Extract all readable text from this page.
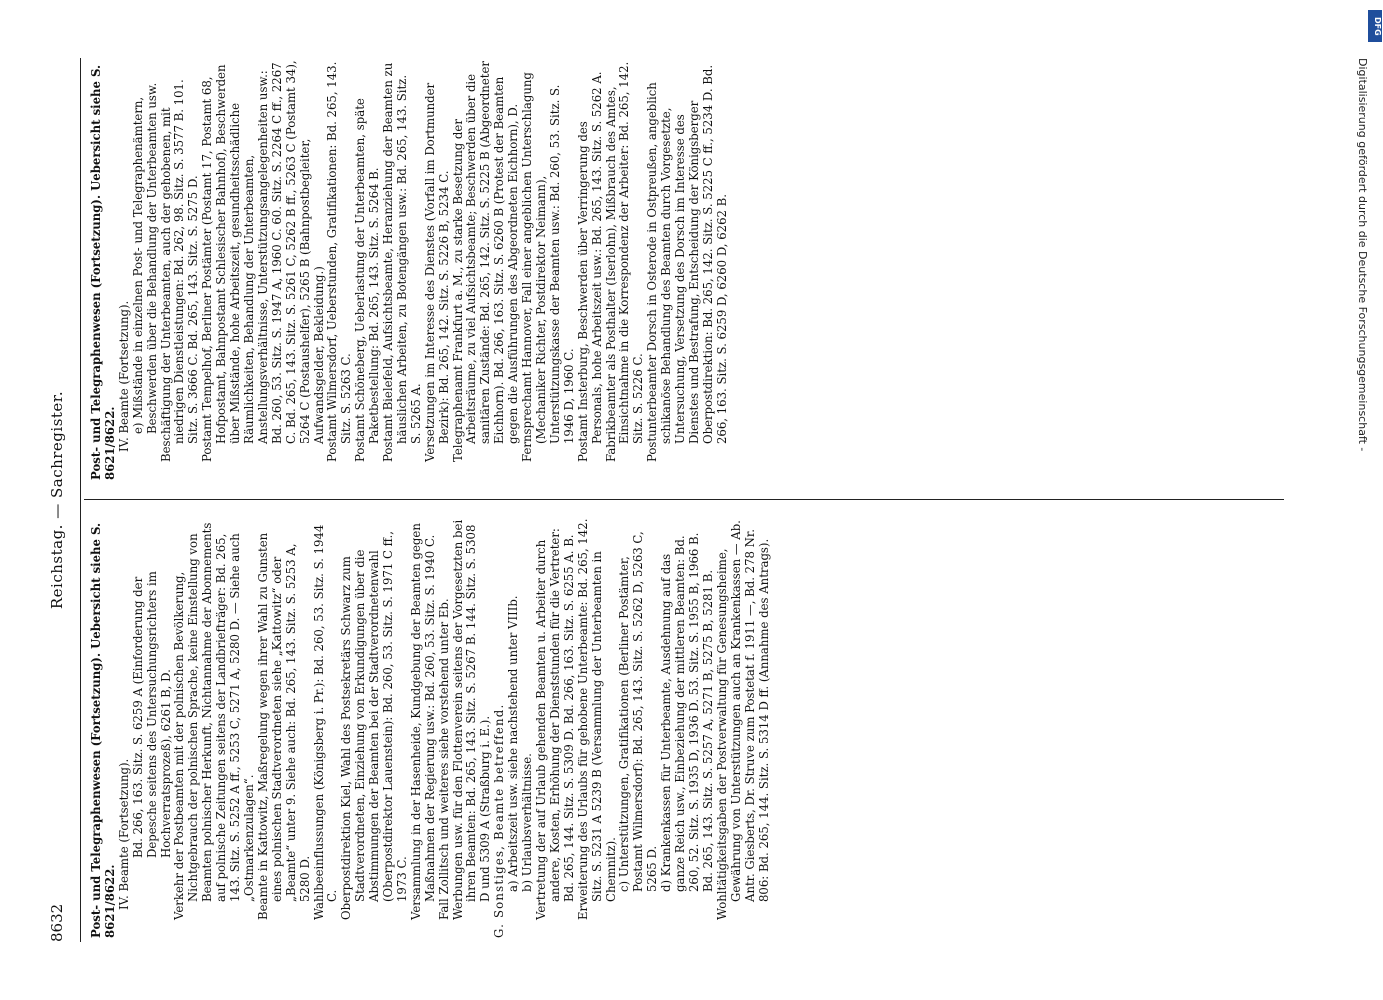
8632
Reichstag. — Sachregister.

Post- und Telegraphenwesen (Fortsetzung). Uebersicht siehe S. 8621/8622. IV. Beamte (Fortsetzung). Bd. 266, 163. Sitz. S. 6259 A (Einforderung der Depesche seitens des Untersuchungsrichters im Hochverratsprozeß), 6261 B, D. Verkehr der Postbeamten mit der polnischen Bevölkerung, Nichtgebrauch der polnischen Sprache, keine Einstellung von Beamten polnischer Herkunft, Nichtannahme der Abonnements auf polnische Zeitungen seitens der Landbriefträger: Bd. 265, 143. Sitz. S. 5252 A ff., 5253 C, 5271 A, 5280 D. — Siehe auch „Ostmarkenzulagen“. Beamte in Kattowitz, Maßregelung wegen ihrer Wahl zu Gunsten eines polnischen Stadtverordneten siehe „Kattowitz“ oder „Beamte“ unter 9. Siehe auch: Bd. 265, 143. Sitz. S. 5253 A, 5280 D. Wahlbeeinflussungen (Königsberg i. Pr.): Bd. 260, 53. Sitz. S. 1944 C. Oberpostdirektion Kiel, Wahl des Postsekretärs Schwarz zum Stadtverordneten, Einziehung von Erkundigungen über die Abstimmungen der Beamten bei der Stadtverordnetenwahl (Oberpostdirektor Lauenstein): Bd. 260, 53. Sitz. S. 1971 C ff., 1973 C. Versammlung in der Hasenheide, Kundgebung der Beamten gegen Maßnahmen der Regierung usw.: Bd. 260, 53. Sitz. S. 1940 C. Fall Zollitsch und weiteres siehe vorstehend unter Eb. Werbungen usw. für den Flottenverein seitens der Vorgesetzten bei ihren Beamten: Bd. 265, 143. Sitz. S. 5267 B. 144. Sitz. S. 5308 D und 5309 A (Straßburg i. E.). G. Sonstiges, Beamte betreffend. a) Arbeitszeit usw. siehe nachstehend unter VIIIb. b) Urlaubsverhältnisse. Vertretung der auf Urlaub gehenden Beamten u. Arbeiter durch andere, Kosten, Erhöhung der Dienststunden für die Vertreter: Bd. 265, 144. Sitz. S. 5309 D. Bd. 266, 163. Sitz. S. 6255 A. B. Erweiterung des Urlaubs für gehobene Unterbeamte: Bd. 265, 142. Sitz. S. 5231 A 5239 B (Versammlung der Unterbeamten in Chemnitz). c) Unterstützungen, Gratifikationen (Berliner Postämter, Postamt Wilmersdorf): Bd. 265, 143. Sitz. S. 5262 D, 5263 C, 5265 D. d) Krankenkassen für Unterbeamte, Ausdehnung auf das ganze Reich usw., Einbeziehung der mittleren Beamten: Bd. 260, 52. Sitz. S. 1935 D, 1936 D. 53. Sitz. S. 1955 B, 1966 B. Bd. 265, 143. Sitz. S. 5257 A, 5271 B, 5275 B, 5281 B. Wohltätigkeitsgaben der Postverwaltung für Genesungsheime, Gewährung von Unterstützungen auch an Krankenkassen — Ab. Antr. Giesberts, Dr. Struve zum Postetat f. 1911 —, Bd. 278 Nr. 806: Bd. 265, 144. Sitz. S. 5314 D ff. (Annahme des Antrags).

Post- und Telegraphenwesen (Fortsetzung). Uebersicht siehe S. 8621/8622. IV. Beamte (Fortsetzung). e) Mißstände in einzelnen Post- und Telegraphenämtern, Beschwerden über die Behandlung der Unterbeamten usw. Beschäftigung der Unterbeamten, auch der gehobenen, mit niedrigen Dienstleistungen: Bd. 262, 98. Sitz. S. 3577 B. 101. Sitz. S. 3666 C. Bd. 265, 143. Sitz. S. 5275 D. Postamt Tempelhof, Berliner Postämter (Postamt 17, Postamt 68, Hofpostamt, Bahnpostamt Schlesischer Bahnhof), Beschwerden über Mißstände, hohe Arbeitszeit, gesundheitsschädliche Räumlichkeiten, Behandlung der Unterbeamten, Anstellungsverhältnisse, Unterstützungsangelegenheiten usw.: Bd. 260, 53. Sitz. S. 1947 A, 1960 C. 60. Sitz. S. 2264 C ff., 2267 C. Bd. 265, 143. Sitz. S. 5261 C, 5262 B ff., 5263 C (Postamt 34), 5264 C (Postaushelfer), 5265 B (Bahnpostbegleiter, Aufwandsgelder, Bekleidung.) Postamt Wilmersdorf, Ueberstunden, Gratifikationen: Bd. 265, 143. Sitz. S. 5263 C. Postamt Schöneberg, Ueberlastung der Unterbeamten, späte Paketbestellung: Bd. 265, 143. Sitz. S. 5264 B. Postamt Bielefeld, Aufsichtsbeamte, Heranziehung der Beamten zu häuslichen Arbeiten, zu Botengängen usw.: Bd. 265, 143. Sitz. S. 5265 A. Versetzungen im Interesse des Dienstes (Vorfall im Dortmunder Bezirk): Bd. 265, 142. Sitz. S. 5226 B, 5234 C. Telegraphenamt Frankfurt a. M., zu starke Besetzung der Arbeitsräume, zu viel Aufsichtsbeamte; Beschwerden über die sanitären Zustände: Bd. 265, 142. Sitz. S. 5225 B (Abgeordneter Eichhorn). Bd. 266, 163. Sitz. S. 6260 B (Protest der Beamten gegen die Ausführungen des Abgeordneten Eichhorn), D. Fernsprechamt Hannover, Fall einer angeblichen Unterschlagung (Mechaniker Richter, Postdirektor Neimann), Unterstützungskasse der Beamten usw.: Bd. 260, 53. Sitz. S. 1946 D, 1960 C. Postamt Insterburg, Beschwerden über Verringerung des Personals, hohe Arbeitszeit usw.: Bd. 265, 143. Sitz. S. 5262 A. Fabrikbeamter als Posthalter (Iserlohn), Mißbrauch des Amtes, Einsichtnahme in die Korrespondenz der Arbeiter: Bd. 265, 142. Sitz. S. 5226 C. Postunterbeamter Dorsch in Osterode in Ostpreußen, angeblich schikanöse Behandlung des Beamten durch Vorgesetzte, Untersuchung, Versetzung des Dorsch im Interesse des Dienstes und Bestrafung, Entscheidung der Königsberger Oberpostdirektion: Bd. 265, 142. Sitz. S. 5225 C ff., 5234 D. Bd. 266, 163. Sitz. S. 6259 D, 6260 D, 6262 B.	Digitalisierung gefördert durch die Deutsche Forschungsgemeinschaft -
DFG
